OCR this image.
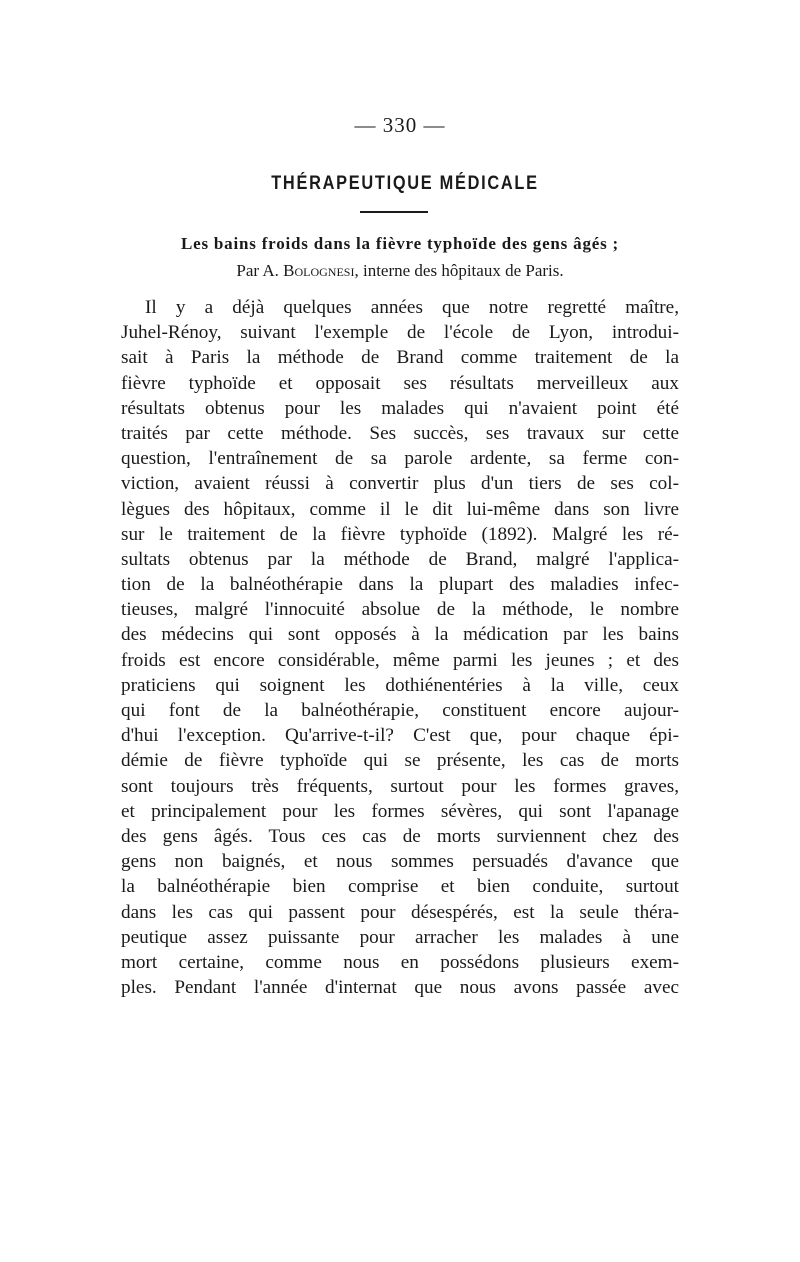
— 330 —
THÉRAPEUTIQUE MÉDICALE
Les bains froids dans la fièvre typhoïde des gens âgés ;
Par A. Bolognesi, interne des hôpitaux de Paris.
Il y a déjà quelques années que notre regretté maître,
Juhel-Rénoy, suivant l'exemple de l'école de Lyon, introdui-
sait à Paris la méthode de Brand comme traitement de la
fièvre typhoïde et opposait ses résultats merveilleux aux
résultats obtenus pour les malades qui n'avaient point été
traités par cette méthode. Ses succès, ses travaux sur cette
question, l'entraînement de sa parole ardente, sa ferme con-
viction, avaient réussi à convertir plus d'un tiers de ses col-
lègues des hôpitaux, comme il le dit lui-même dans son livre
sur le traitement de la fièvre typhoïde (1892). Malgré les ré-
sultats obtenus par la méthode de Brand, malgré l'applica-
tion de la balnéothérapie dans la plupart des maladies infec-
tieuses, malgré l'innocuité absolue de la méthode, le nombre
des médecins qui sont opposés à la médication par les bains
froids est encore considérable, même parmi les jeunes ; et des
praticiens qui soignent les dothiénentéries à la ville, ceux
qui font de la balnéothérapie, constituent encore aujour-
d'hui l'exception. Qu'arrive-t-il? C'est que, pour chaque épi-
démie de fièvre typhoïde qui se présente, les cas de morts
sont toujours très fréquents, surtout pour les formes graves,
et principalement pour les formes sévères, qui sont l'apanage
des gens âgés. Tous ces cas de morts surviennent chez des
gens non baignés, et nous sommes persuadés d'avance que
la balnéothérapie bien comprise et bien conduite, surtout
dans les cas qui passent pour désespérés, est la seule théra-
peutique assez puissante pour arracher les malades à une
mort certaine, comme nous en possédons plusieurs exem-
ples. Pendant l'année d'internat que nous avons passée avec
